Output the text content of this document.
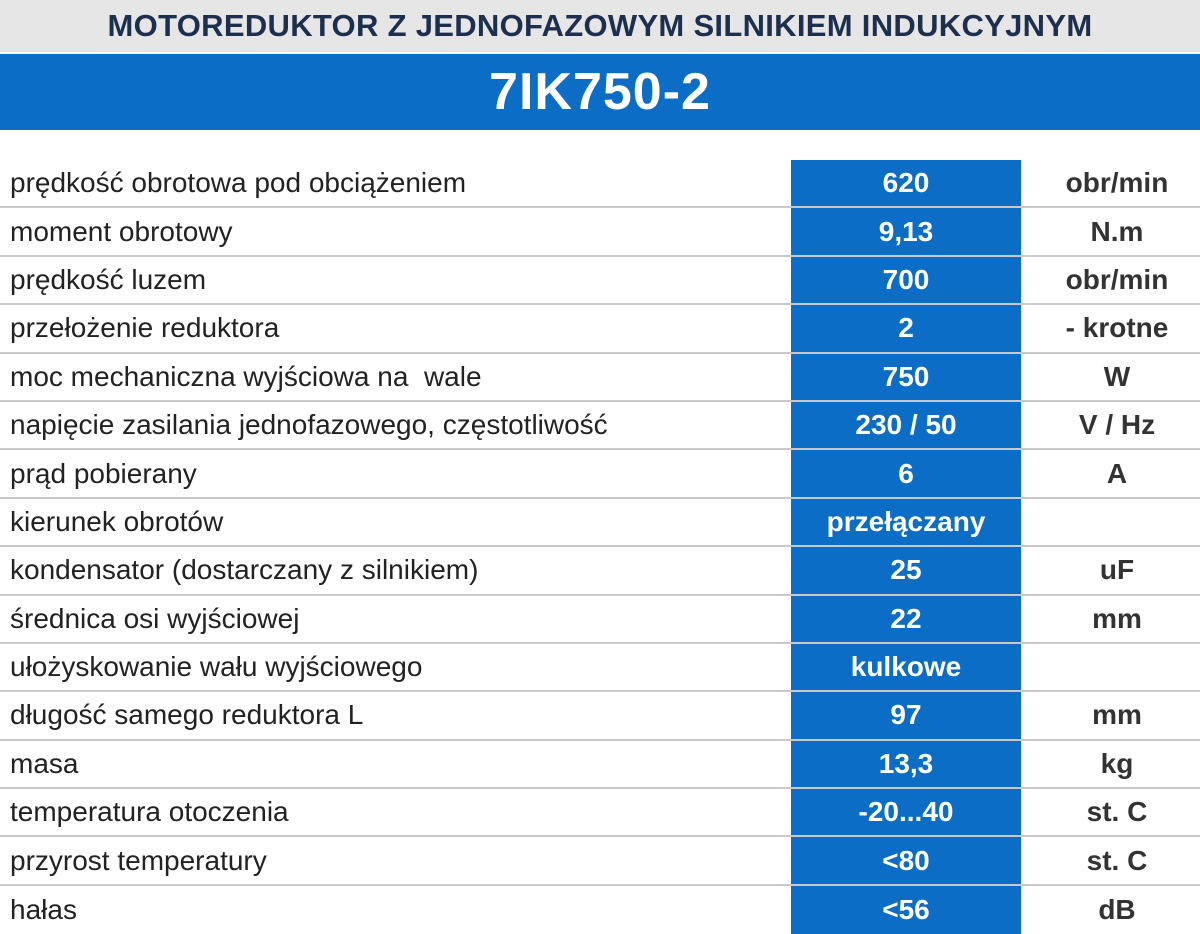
MOTOREDUKTOR Z JEDNOFAZOWYM SILNIKIEM INDUKCYJNYM
7IK750-2
prędkość obrotowa pod obciążeniem	620	obr/min
moment obrotowy	9,13	N.m
prędkość luzem	700	obr/min
przełożenie reduktora	2	- krotne
moc mechaniczna wyjściowa na  wale	750	W
napięcie zasilania jednofazowego, częstotliwość	230 / 50	V / Hz
prąd pobierany	6	A
kierunek obrotów	przełączany
kondensator (dostarczany z silnikiem)	25	uF
średnica osi wyjściowej	22	mm
ułożyskowanie wału wyjściowego	kulkowe
długość samego reduktora L	97	mm
masa	13,3	kg
temperatura otoczenia	-20...40	st. C
przyrost temperatury	<80	st. C
hałas	<56	dB
